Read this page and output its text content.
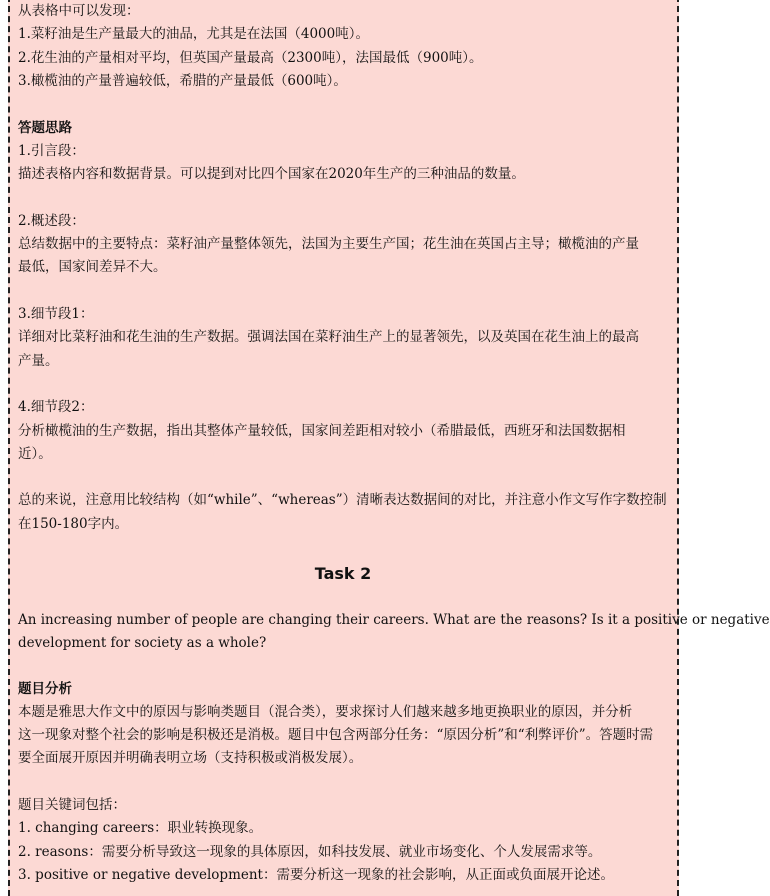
从表格中可以发现：
1.菜籽油是生产量最大的油品，尤其是在法国（4000吨）。
2.花生油的产量相对平均，但英国产量最高（2300吨），法国最低（900吨）。
3.橄榄油的产量普遍较低，希腊的产量最低（600吨）。
答题思路
1.引言段：
描述表格内容和数据背景。可以提到对比四个国家在2020年生产的三种油品的数量。
2.概述段：
总结数据中的主要特点：菜籽油产量整体领先，法国为主要生产国；花生油在英国占主导；橄榄油的产量
最低，国家间差异不大。
3.细节段1：
详细对比菜籽油和花生油的生产数据。强调法国在菜籽油生产上的显著领先，以及英国在花生油上的最高
产量。
4.细节段2：
分析橄榄油的生产数据，指出其整体产量较低，国家间差距相对较小（希腊最低，西班牙和法国数据相
近）。
总的来说，注意用比较结构（如“while”、“whereas”）清晰表达数据间的对比，并注意小作文写作字数控制
在150-180字内。
Task 2
An increasing number of people are changing their careers. What are the reasons? Is it a positive or negative
development for society as a whole?
题目分析
本题是雅思大作文中的原因与影响类题目（混合类），要求探讨人们越来越多地更换职业的原因，并分析
这一现象对整个社会的影响是积极还是消极。题目中包含两部分任务：“原因分析”和“利弊评价”。答题时需
要全面展开原因并明确表明立场（支持积极或消极发展）。
题目关键词包括：
1. changing careers：职业转换现象。
2. reasons：需要分析导致这一现象的具体原因，如科技发展、就业市场变化、个人发展需求等。
3. positive or negative development：需要分析这一现象的社会影响，从正面或负面展开论述。
